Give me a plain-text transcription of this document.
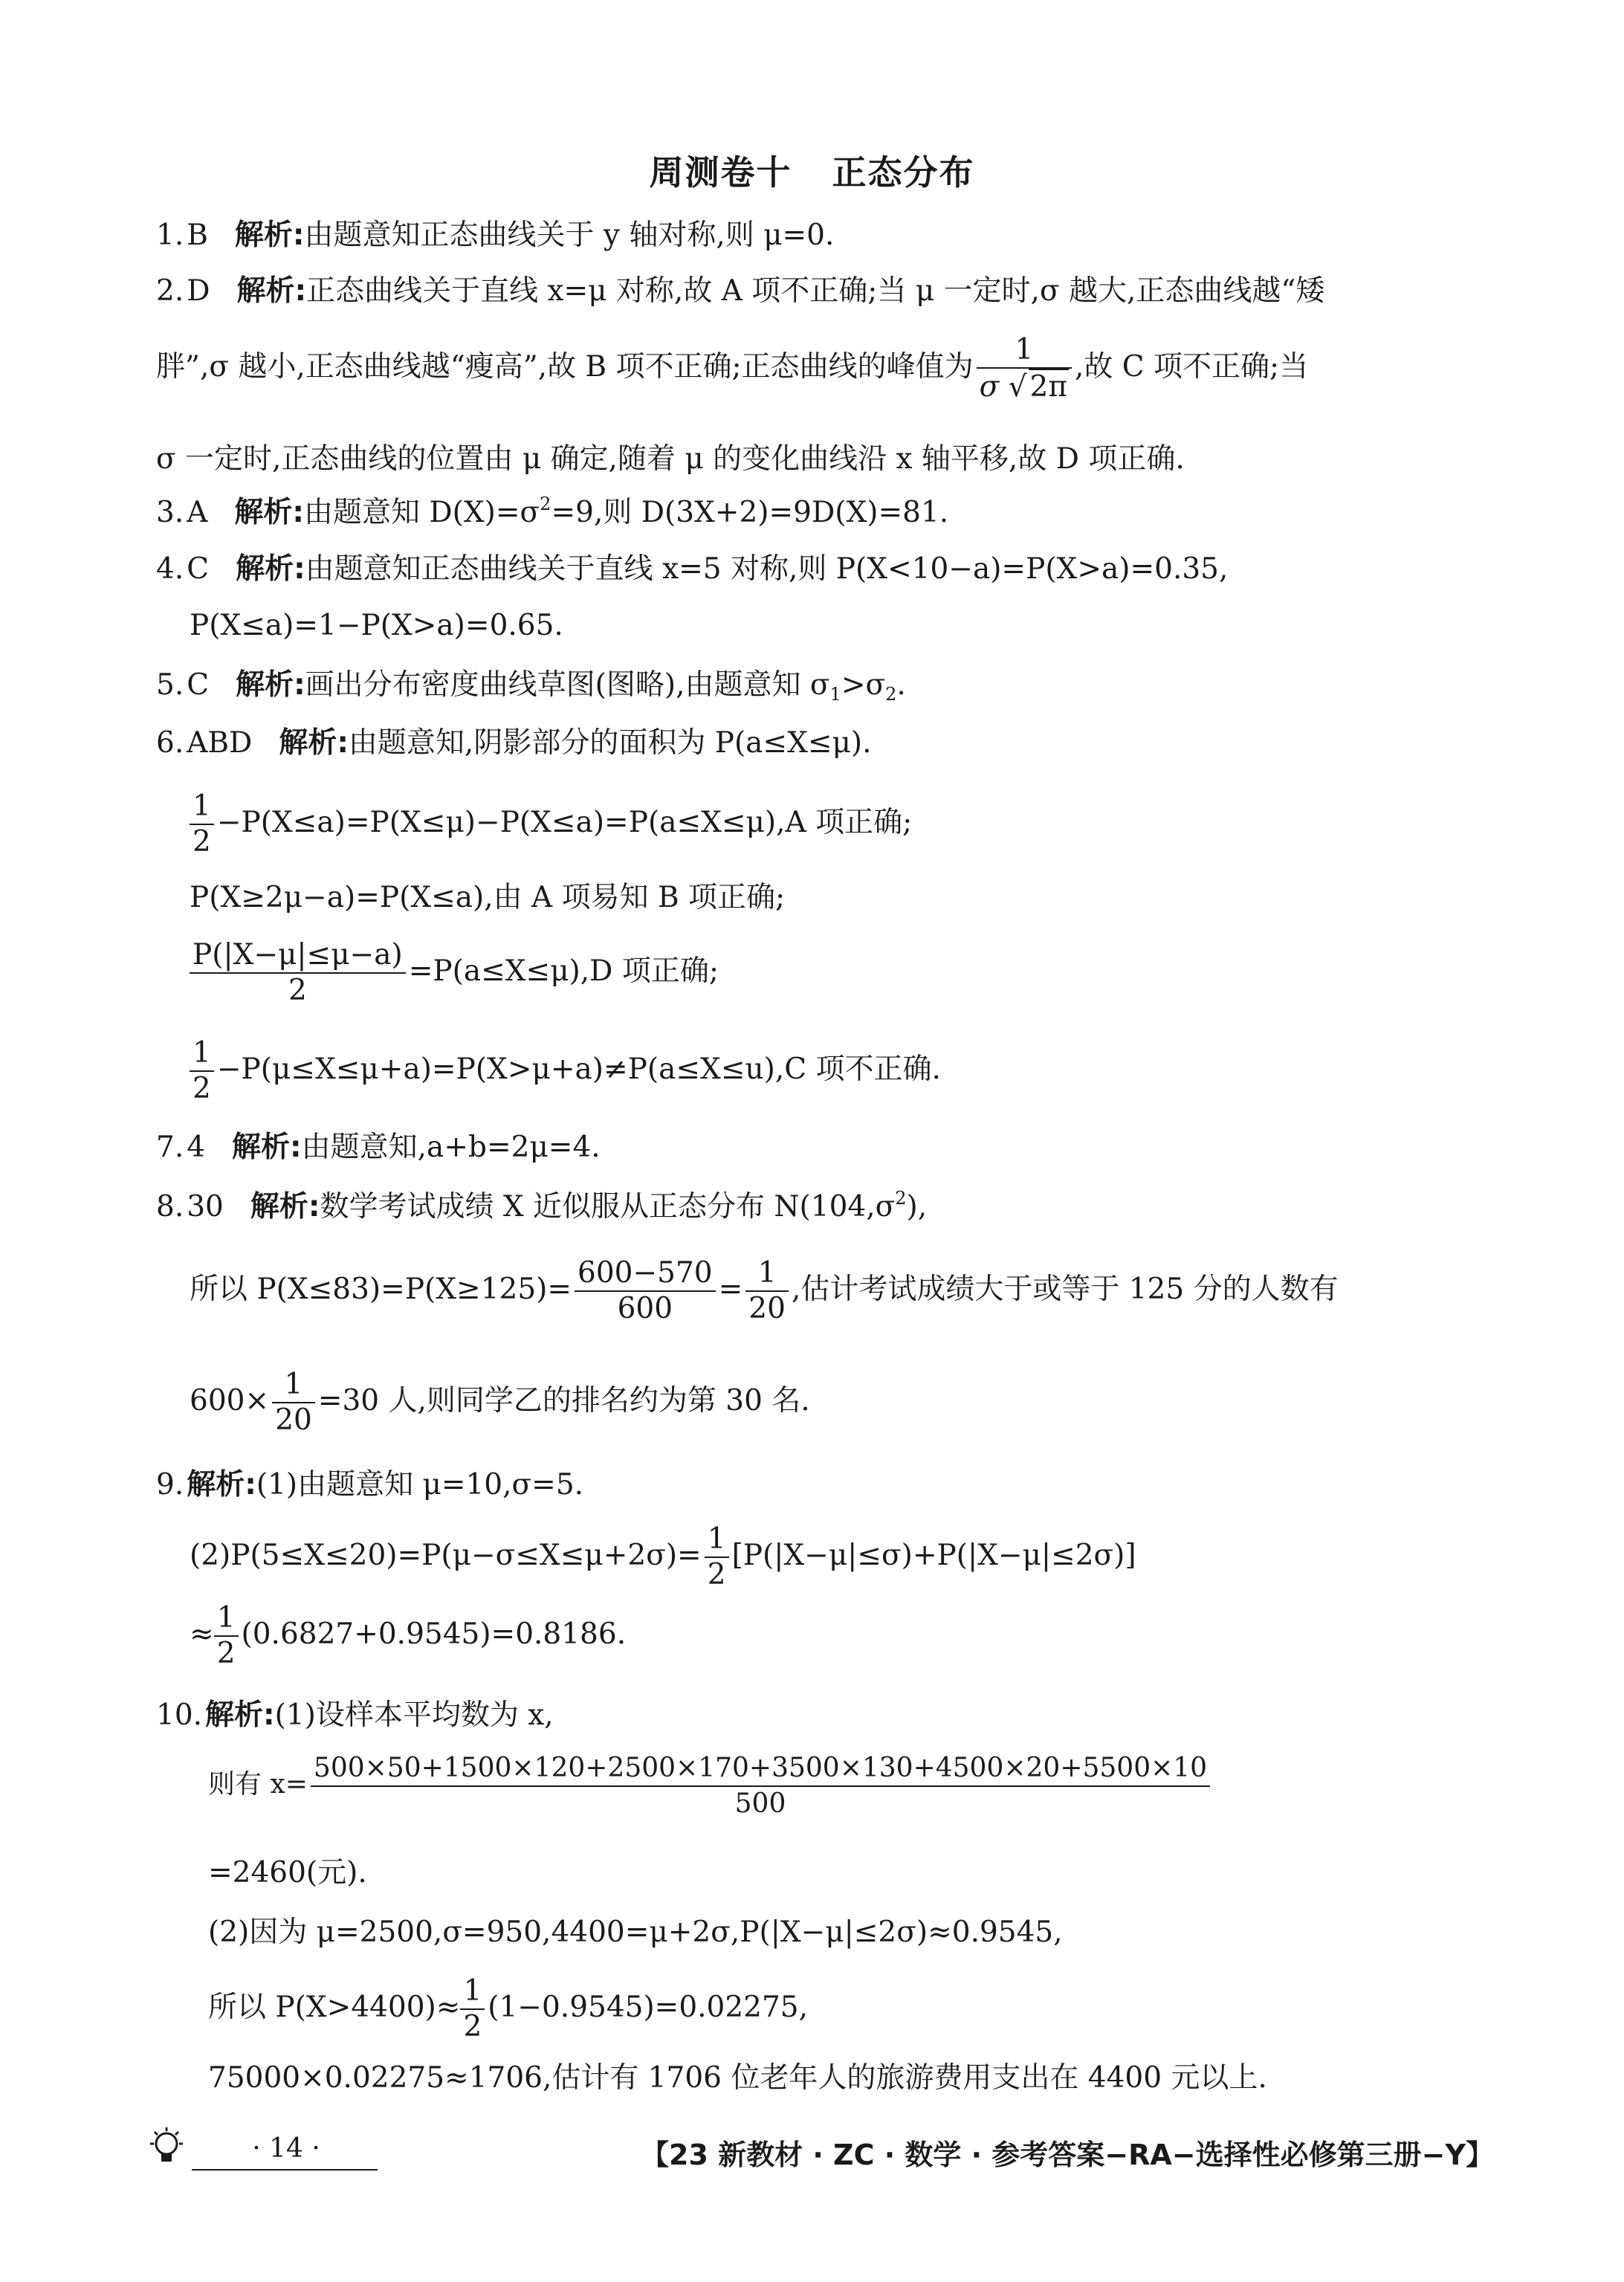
周测卷十 正态分布
1. B 解析:由题意知正态曲线关于 y 轴对称,则 μ=0.
2. D 解析:正态曲线关于直线 x=μ 对称,故 A 项不正确;当 μ 一定时,σ 越大,正态曲线越“矮
胖”,σ 越小,正态曲线越“瘦高”,故 B 项不正确;正态曲线的峰值为 $\frac{1}{\sigma √ 2\pi}$ ,故 C 项不正确;当
σ 一定时,正态曲线的位置由 μ 确定,随着 μ 的变化曲线沿 x 轴平移,故 D 项正确.
3. A 解析:由题意知 $D(X)=\sigma^2=9$,则 D(3X+2)=9D(X)=81.
4. C 解析:由题意知正态曲线关于直线 x=5 对称,则 P(X<10−a)=P(X>a)=0.35,
P(X≤a)=1−P(X>a)=0.65.
5. C 解析:画出分布密度曲线草图(图略),由题意知 $\sigma_1>\sigma_2$.
6. ABD 解析:由题意知,阴影部分的面积为 P(a≤X≤μ).
$\frac{1}{2} -P(X\le a)=P(X\le\mu)-P(X\le a)=P(a\le X\le\mu),A$ 项正确;
P(X≥2μ−a)=P(X≤a),由 A 项易知 B 项正确;
$\frac{P(|X-\mu|\le\mu-a)}{2} =P(a\le X\le\mu),D$ 项正确;
$\frac{1}{2} -P(\mu\le X\le\mu+a)=P(X>\mu+a)\ne P(a\le X\le u),C$ 项不正确.
7. 4 解析:由题意知,a+b=2μ=4.
8. 30 解析:数学考试成绩 X 近似服从正态分布 $N(104,\sigma^2)$,
所以 $P(X\le 83)=P(X\ge 125)= \frac{600-570}{600} = \frac{1}{20}$ ,估计考试成绩大于或等于 125 分的人数有
$600\times \frac{1}{20} =30$ 人,则同学乙的排名约为第 30 名.
9. 解析:(1)由题意知 μ=10,σ=5.
$(2)P(5\le X\le 20)=P(\mu-\sigma\le X\le\mu+2\sigma)= \frac{1}{2} [P(|X-\mu|\le\sigma)+P(|X-\mu|\le 2\sigma)]$
≈ $\frac{1}{2} (0.6827+0.9545)=0.8186$.
10. 解析:(1)设样本平均数为 x,
则有 $x= \frac{500\times 50+1500\times 120+2500\times 170+3500\times 130+4500\times 20+5500\times 10}{500}$
=2460(元).
(2)因为 μ=2500,σ=950,4400=μ+2σ,P(|X−μ|≤2σ)≈0.9545,
所以 $P(X>4400)\approx \frac{1}{2} (1-0.9545)=0.02275$,
75000×0.02275≈1706,估计有 1706 位老年人的旅游费用支出在 4400 元以上.
· 14 ·	【23 新教材 · ZC · 数学 · 参考答案−RA−选择性必修第三册−Y】
